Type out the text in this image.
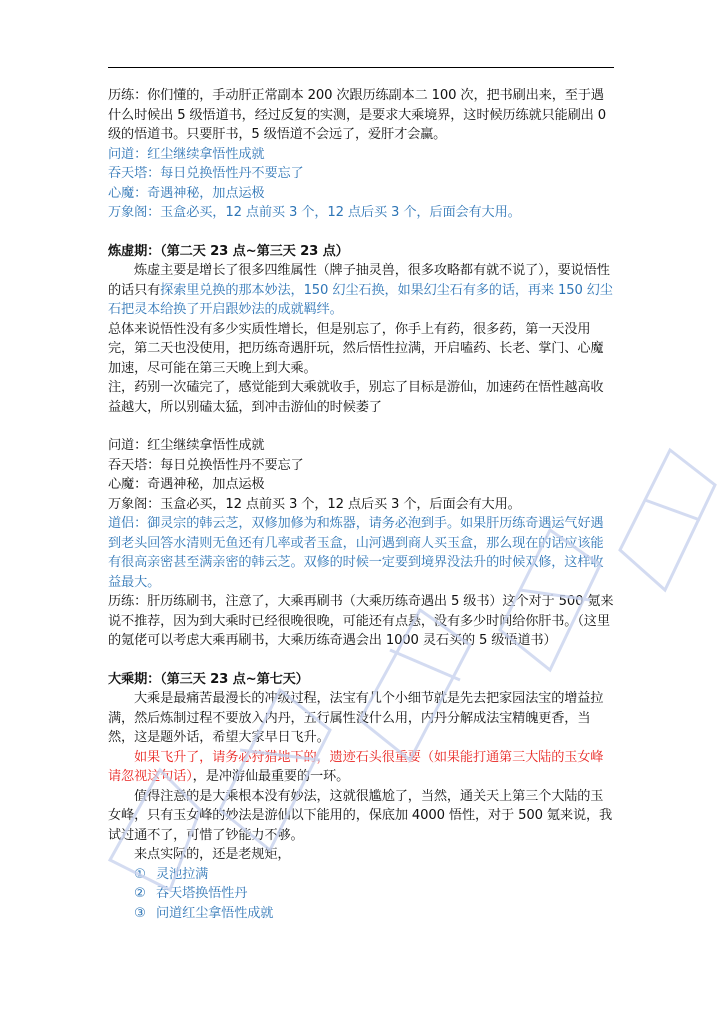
历练：你们懂的，手动肝正常副本 200 次跟历练副本二 100 次，把书刷出来，至于遇什么时候出 5 级悟道书，经过反复的实测，是要求大乘境界，这时候历练就只能刷出 0 级的悟道书。只要肝书，5 级悟道不会远了，爱肝才会赢。

问道：红尘继续拿悟性成就

吞天塔：每日兑换悟性丹不要忘了

心魔：奇遇神秘，加点运极

万象阁：玉盒必买，12 点前买 3 个，12 点后买 3 个，后面会有大用。

炼虚期：（第二天 23 点~第三天 23 点）

炼虚主要是增长了很多四维属性（牌子抽灵兽，很多攻略都有就不说了），要说悟性的话只有探索里兑换的那本妙法，150 幻尘石换，如果幻尘石有多的话，再来 150 幻尘石把灵本给换了开启跟妙法的成就羁绊。

总体来说悟性没有多少实质性增长，但是别忘了，你手上有药，很多药，第一天没用完，第二天也没使用，把历练奇遇肝玩，然后悟性拉满，开启嗑药、长老、掌门、心魔加速，尽可能在第三天晚上到大乘。

注，药别一次磕完了，感觉能到大乘就收手，别忘了目标是游仙，加速药在悟性越高收益越大，所以别磕太猛，到冲击游仙的时候萎了

问道：红尘继续拿悟性成就

吞天塔：每日兑换悟性丹不要忘了

心魔：奇遇神秘，加点运极

万象阁：玉盒必买，12 点前买 3 个，12 点后买 3 个，后面会有大用。

道侣：御灵宗的韩云芝，双修加修为和炼器，请务必泡到手。如果肝历练奇遇运气好遇到老头回答水清则无鱼还有几率或者玉盒，山河遇到商人买玉盒，那么现在的话应该能有很高亲密甚至满亲密的韩云芝。双修的时候一定要到境界没法升的时候双修，这样收益最大。

历练：肝历练刷书，注意了，大乘再刷书（大乘历练奇遇出 5 级书）这个对于 500 氪来说不推荐，因为到大乘时已经很晚很晚，可能还有点悬，没有多少时间给你肝书。（这里的氪佬可以考虑大乘再刷书，大乘历练奇遇会出 1000 灵石买的 5 级悟道书）

大乘期：（第三天 23 点~第七天）

大乘是最痛苦最漫长的冲级过程，法宝有几个小细节就是先去把家园法宝的增益拉满，然后炼制过程不要放入内丹，五行属性没什么用，内丹分解成法宝精魄更香，当然，这是题外话，希望大家早日飞升。

如果飞升了，请务必狩猎地下的，遗迹石头很重要（如果能打通第三大陆的玉女峰请忽视这句话），是冲游仙最重要的一环。

值得注意的是大乘根本没有妙法，这就很尴尬了，当然，通关天上第三个大陆的玉女峰，只有玉女峰的妙法是游仙以下能用的，保底加 4000 悟性，对于 500 氪来说，我试过通不了，可惜了钞能力不够。

来点实际的，还是老规矩，

① 灵池拉满

② 吞天塔换悟性丹

③ 问道红尘拿悟性成就
